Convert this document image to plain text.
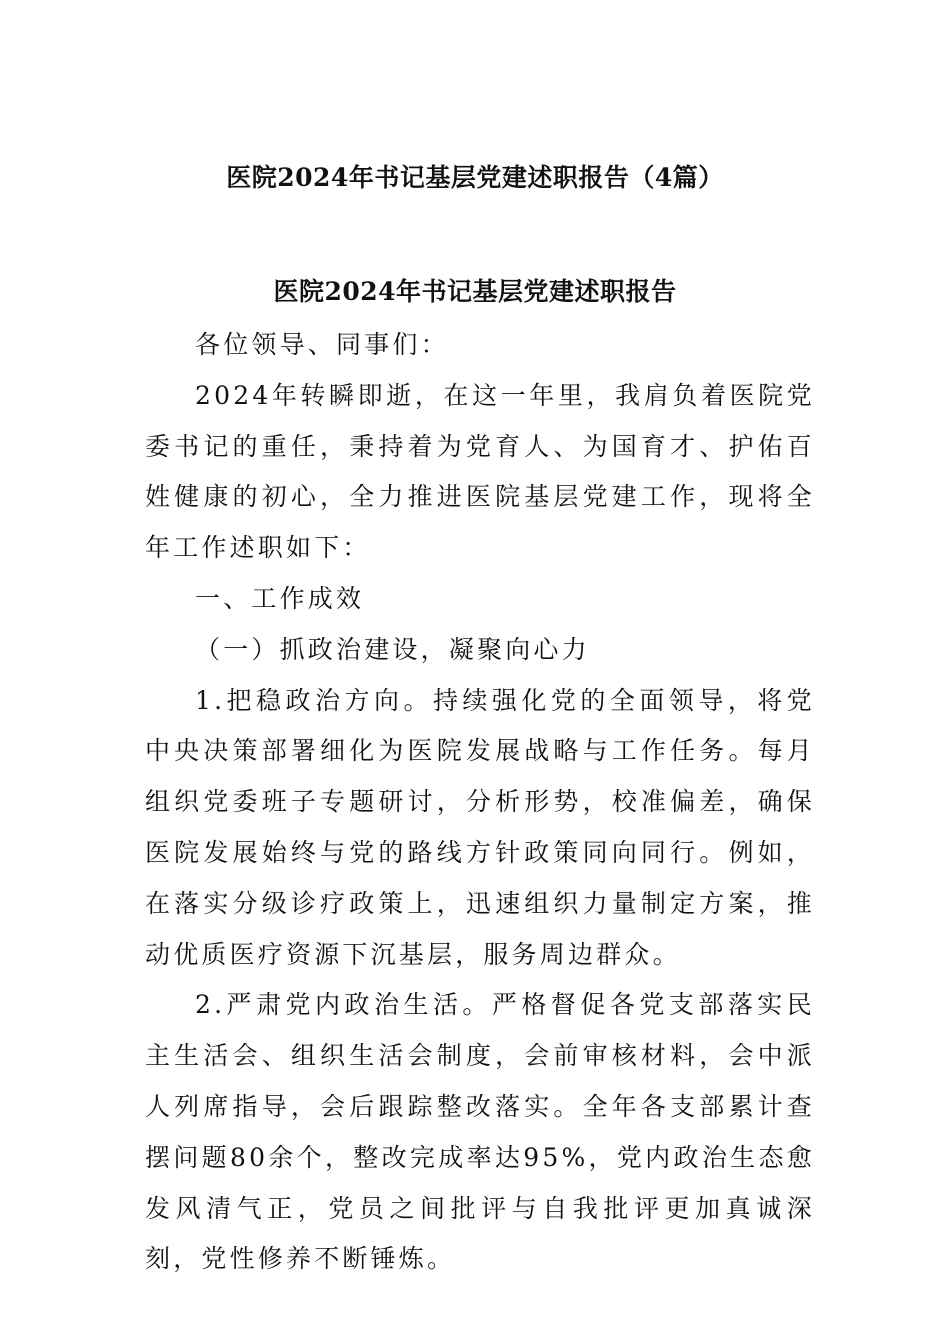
医院2024年书记基层党建述职报告（4篇）
医院2024年书记基层党建述职报告

各位领导、同事们：

2024年转瞬即逝，在这一年里，我肩负着医院党委书记的重任，秉持着为党育人、为国育才、护佑百姓健康的初心，全力推进医院基层党建工作，现将全年工作述职如下：

一、工作成效

（一）抓政治建设，凝聚向心力

1.把稳政治方向。持续强化党的全面领导，将党中央决策部署细化为医院发展战略与工作任务。每月组织党委班子专题研讨，分析形势，校准偏差，确保医院发展始终与党的路线方针政策同向同行。例如，在落实分级诊疗政策上，迅速组织力量制定方案，推动优质医疗资源下沉基层，服务周边群众。

2.严肃党内政治生活。严格督促各党支部落实民主生活会、组织生活会制度，会前审核材料，会中派人列席指导，会后跟踪整改落实。全年各支部累计查摆问题80余个，整改完成率达95%，党内政治生态愈发风清气正，党员之间批评与自我批评更加真诚深刻，党性修养不断锤炼。
